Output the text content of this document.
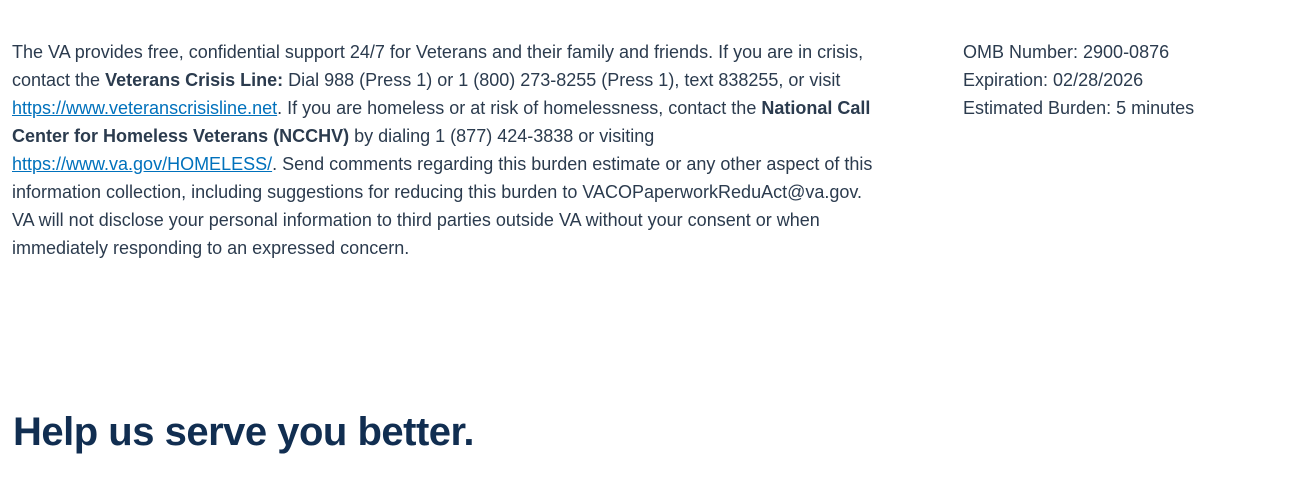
The VA provides free, confidential support 24/7 for Veterans and their family and friends. If you are in crisis, contact the Veterans Crisis Line: Dial 988 (Press 1) or 1 (800) 273-8255 (Press 1), text 838255, or visit https://www.veteranscrisisline.net. If you are homeless or at risk of homelessness, contact the National Call Center for Homeless Veterans (NCCHV) by dialing 1 (877) 424-3838 or visiting https://www.va.gov/HOMELESS/. Send comments regarding this burden estimate or any other aspect of this information collection, including suggestions for reducing this burden to VACOPaperworkReduAct@va.gov. VA will not disclose your personal information to third parties outside VA without your consent or when immediately responding to an expressed concern.

OMB Number: 2900-0876
Expiration: 02/28/2026
Estimated Burden: 5 minutes
Help us serve you better.
